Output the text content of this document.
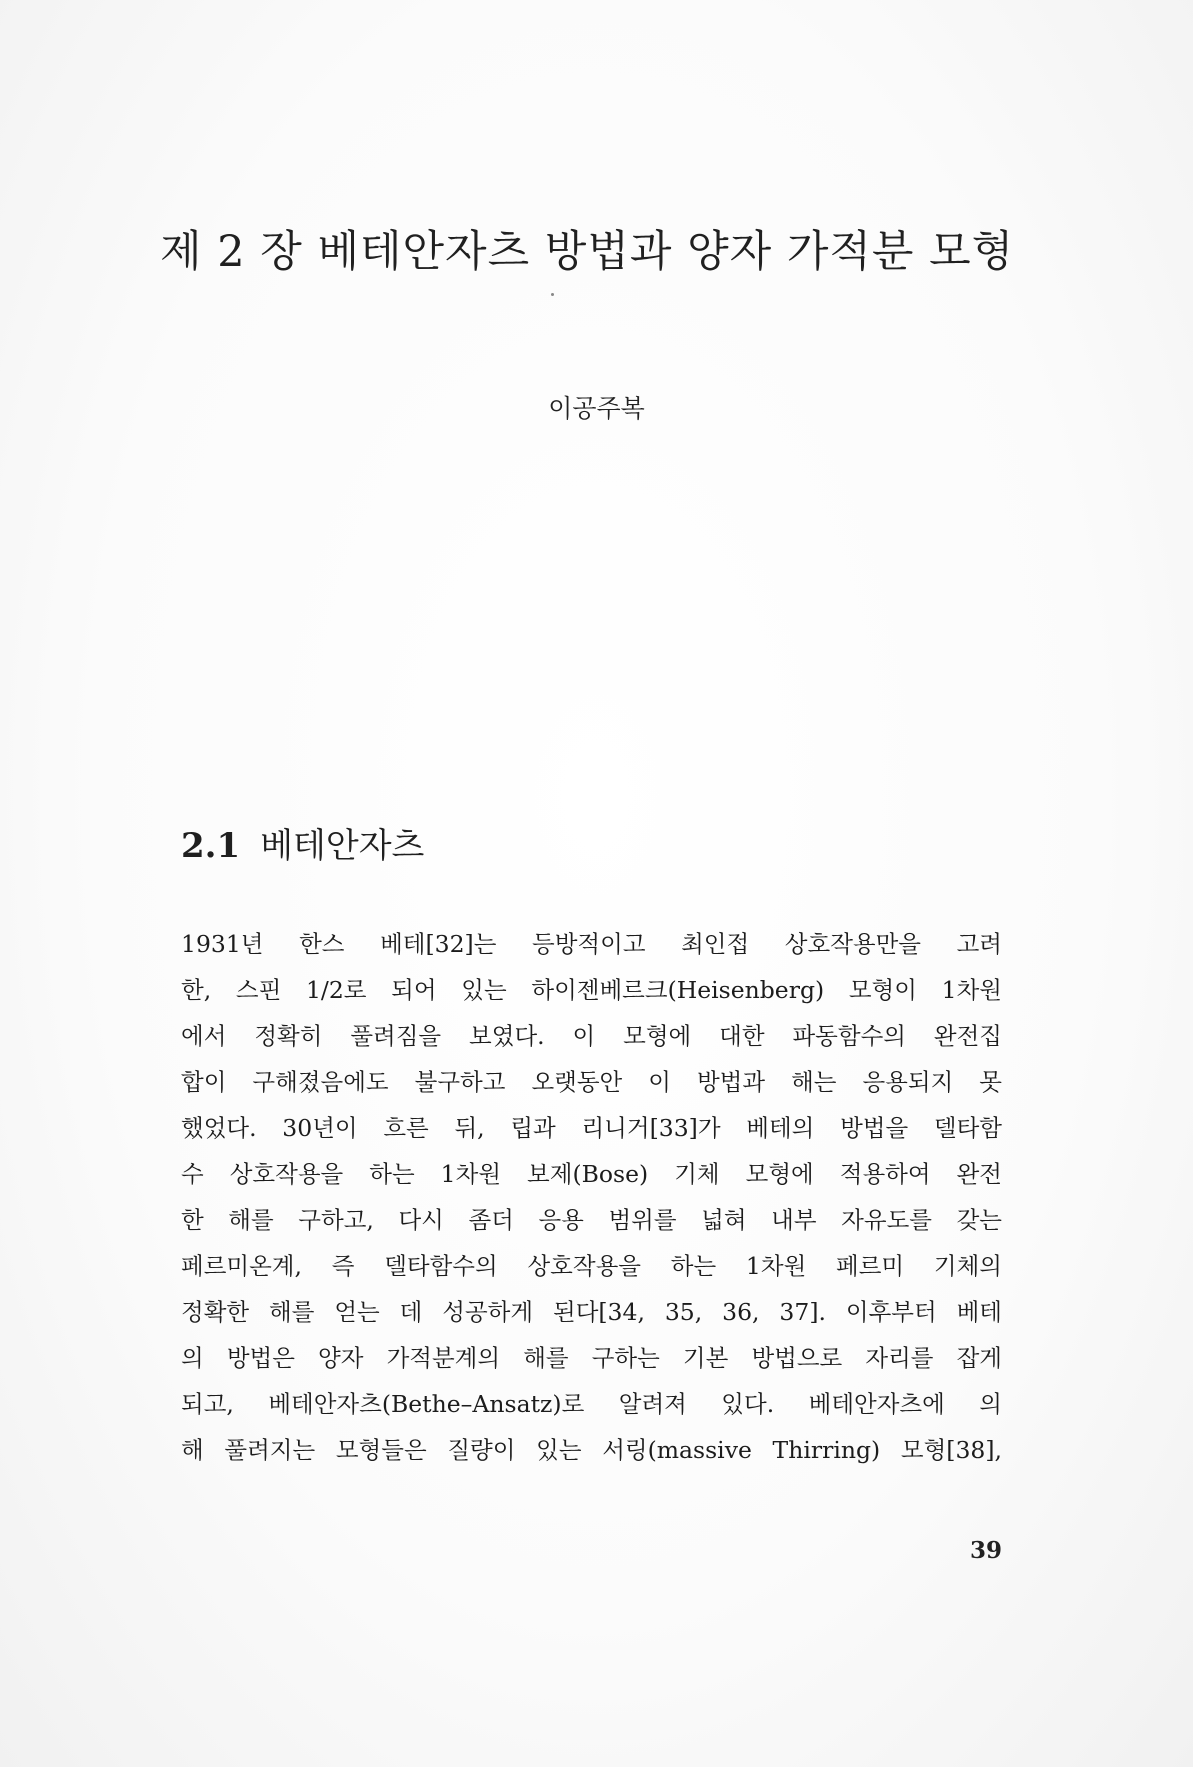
제 2 장 베테안자츠 방법과 양자 가적분 모형
이공주복
2.1 베테안자츠
1931년 한스 베테[32]는 등방적이고 최인접 상호작용만을 고려
한, 스핀 1/2로 되어 있는 하이젠베르크(Heisenberg) 모형이 1차원
에서 정확히 풀려짐을 보였다. 이 모형에 대한 파동함수의 완전집
합이 구해졌음에도 불구하고 오랫동안 이 방법과 해는 응용되지 못
했었다. 30년이 흐른 뒤, 립과 리니거[33]가 베테의 방법을 델타함
수 상호작용을 하는 1차원 보제(Bose) 기체 모형에 적용하여 완전
한 해를 구하고, 다시 좀더 응용 범위를 넓혀 내부 자유도를 갖는
페르미온계, 즉 델타함수의 상호작용을 하는 1차원 페르미 기체의
정확한 해를 얻는 데 성공하게 된다[34, 35, 36, 37]. 이후부터 베테
의 방법은 양자 가적분계의 해를 구하는 기본 방법으로 자리를 잡게
되고, 베테안자츠(Bethe–Ansatz)로 알려져 있다. 베테안자츠에 의
해 풀려지는 모형들은 질량이 있는 서링(massive Thirring) 모형[38],
39
